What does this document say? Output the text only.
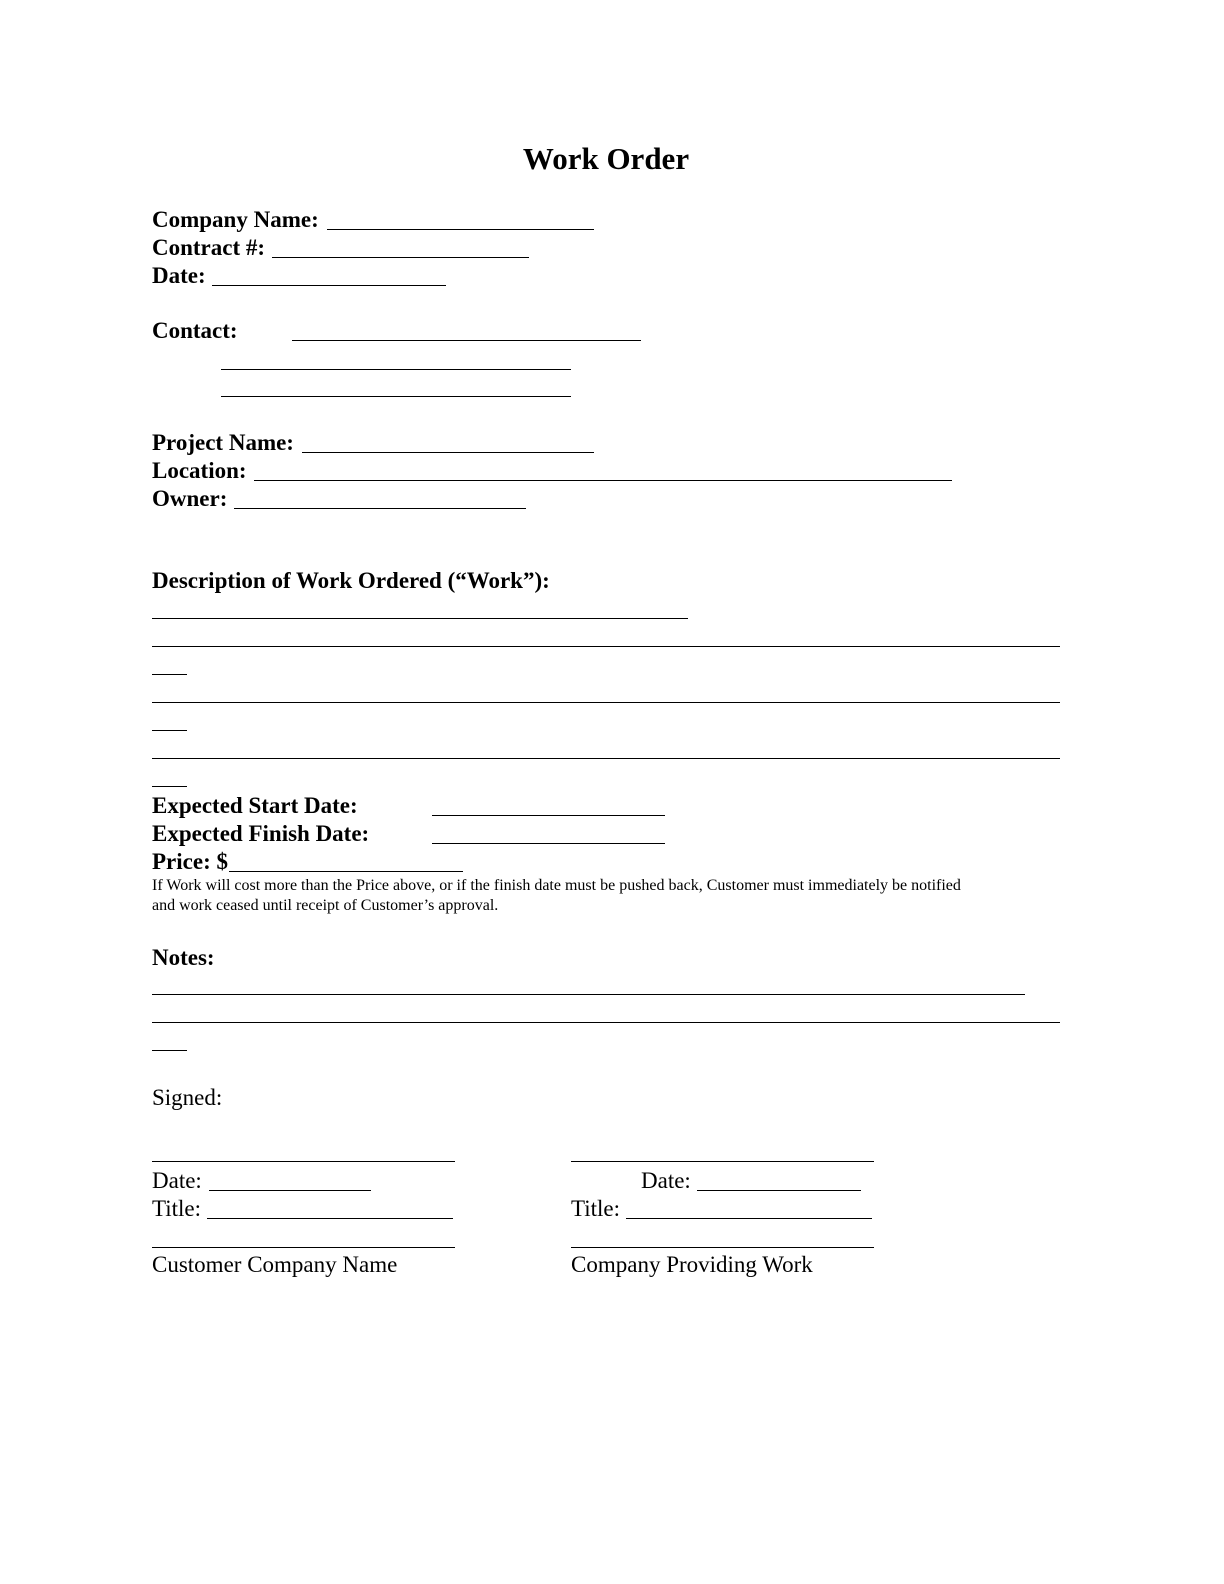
Work Order
Company Name:
Contract #:
Date:
Contact:
Project Name:
Location:
Owner:
Description of Work Ordered (“Work”):
Expected Start Date:
Expected Finish Date:
Price: $
If Work will cost more than the Price above, or if the finish date must be pushed back, Customer must immediately be notified
and work ceased until receipt of Customer’s approval.
Notes:
Signed:
Date:	Date:
Title:	Title:
Customer Company Name	Company Providing Work
